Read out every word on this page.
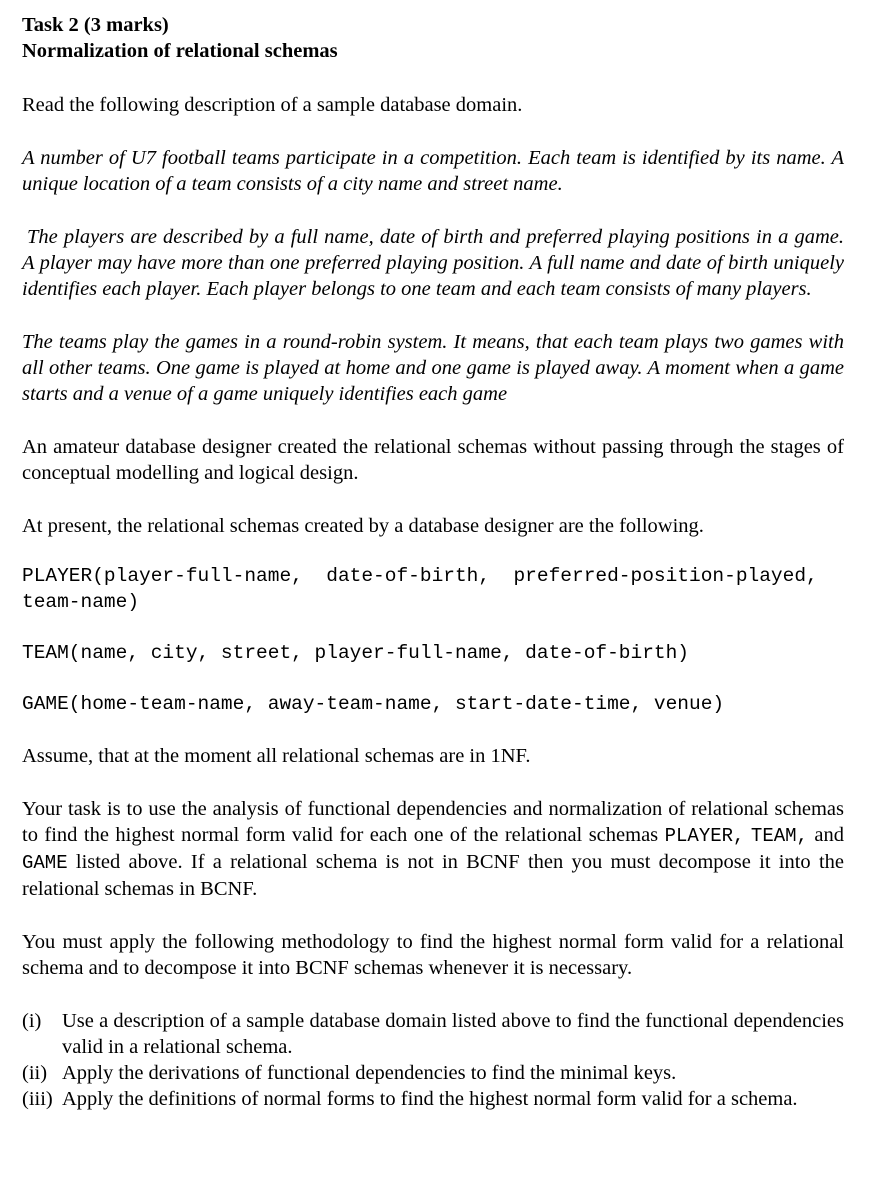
Task 2 (3 marks)

Normalization of relational schemas

Read the following description of a sample database domain.

A number of U7 football teams participate in a competition. Each team is identified by its name. A unique location of a team consists of a city name and street name.

The players are described by a full name, date of birth and preferred playing positions in a game. A player may have more than one preferred playing position. A full name and date of birth uniquely identifies each player. Each player belongs to one team and each team consists of many players.

The teams play the games in a round-robin system. It means, that each team plays two games with all other teams. One game is played at home and one game is played away. A moment when a game starts and a venue of a game uniquely identifies each game

An amateur database designer created the relational schemas without passing through the stages of conceptual modelling and logical design.

At present, the relational schemas created by a database designer are the following.

PLAYER(player-full-name,  date-of-birth,  preferred-position-played, team-name)

TEAM(name, city, street, player-full-name, date-of-birth)

GAME(home-team-name, away-team-name, start-date-time, venue)

Assume, that at the moment all relational schemas are in 1NF.

Your task is to use the analysis of functional dependencies and normalization of relational schemas to find the highest normal form valid for each one of the relational schemas PLAYER, TEAM, and GAME listed above. If a relational schema is not in BCNF then you must decompose it into the relational schemas in BCNF.

You must apply the following methodology to find the highest normal form valid for a relational schema and to decompose it into BCNF schemas whenever it is necessary.

(i)	Use a description of a sample database domain listed above to find the functional dependencies valid in a relational schema.
(ii) Apply the derivations of functional dependencies to find the minimal keys.
(iii) Apply the definitions of normal forms to find the highest normal form valid for a schema.
